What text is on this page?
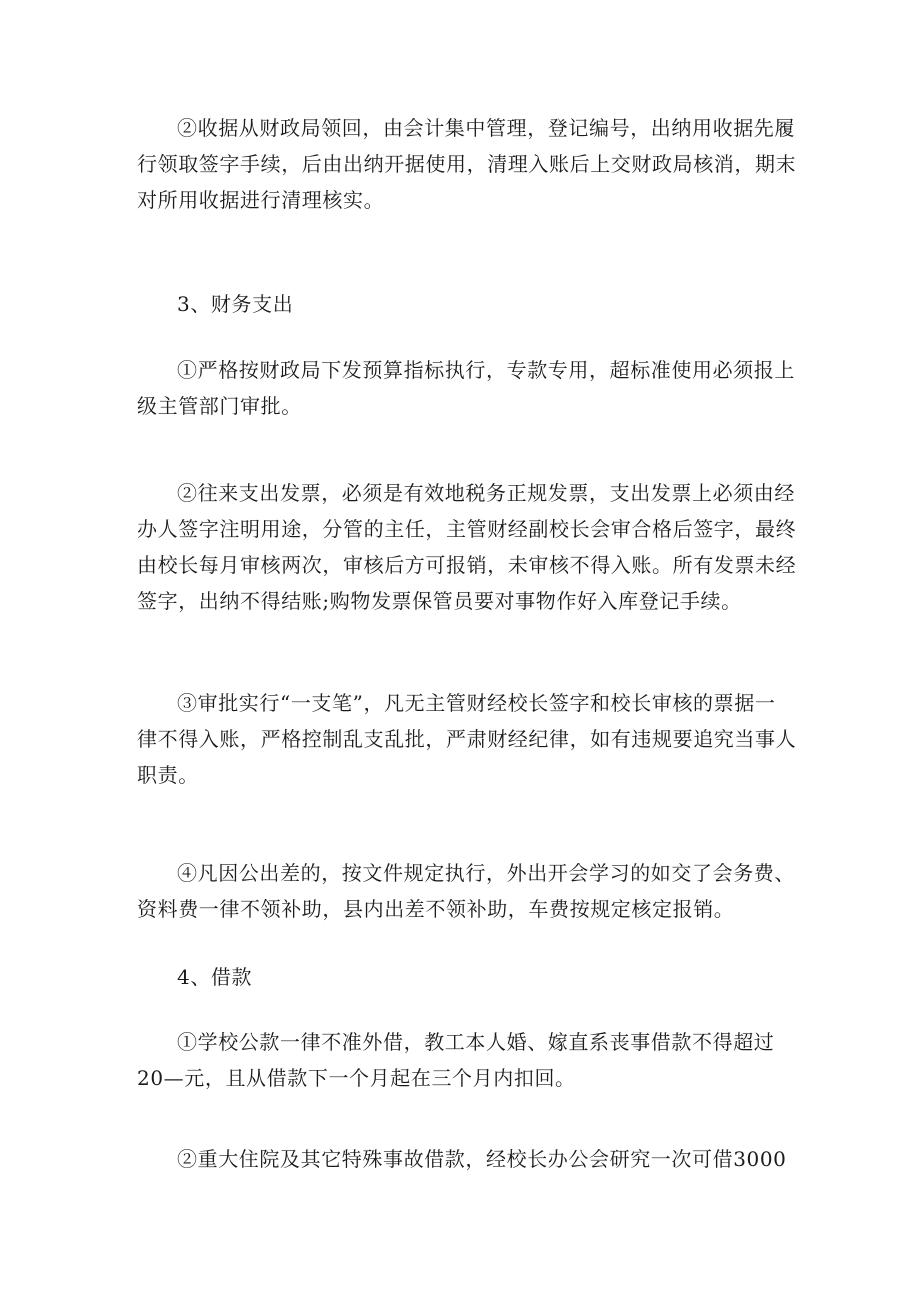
②收据从财政局领回，由会计集中管理，登记编号，出纳用收据先履
行领取签字手续，后由出纳开据使用，清理入账后上交财政局核消，期末
对所用收据进行清理核实。

3、财务支出

①严格按财政局下发预算指标执行，专款专用，超标准使用必须报上
级主管部门审批。

②往来支出发票，必须是有效地税务正规发票，支出发票上必须由经
办人签字注明用途，分管的主任，主管财经副校长会审合格后签字，最终
由校长每月审核两次，审核后方可报销，未审核不得入账。所有发票未经
签字，出纳不得结账;购物发票保管员要对事物作好入库登记手续。

③审批实行“一支笔”，凡无主管财经校长签字和校长审核的票据一
律不得入账，严格控制乱支乱批，严肃财经纪律，如有违规要追究当事人
职责。

④凡因公出差的，按文件规定执行，外出开会学习的如交了会务费、
资料费一律不领补助，县内出差不领补助，车费按规定核定报销。

4、借款

①学校公款一律不准外借，教工本人婚、嫁直系丧事借款不得超过
20—元，且从借款下一个月起在三个月内扣回。

②重大住院及其它特殊事故借款，经校长办公会研究一次可借3000
